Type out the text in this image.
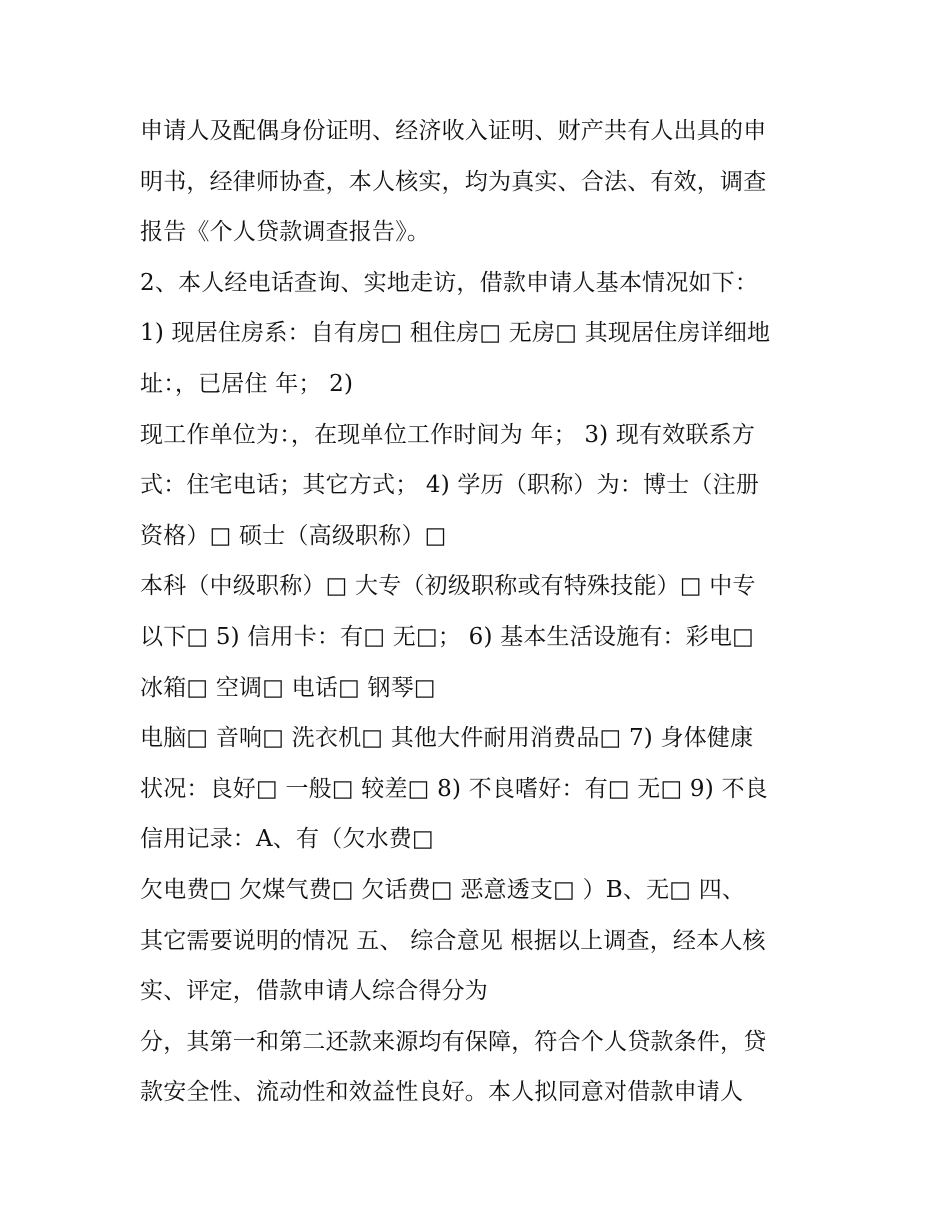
申请人及配偶身份证明、经济收入证明、财产共有人出具的申
明书，经律师协查，本人核实，均为真实、合法、有效，调查
报告《个人贷款调查报告》。
2、本人经电话查询、实地走访，借款申请人基本情况如下：
1) 现居住房系：自有房□ 租住房□ 无房□ 其现居住房详细地
址：，已居住 年； 2)
现工作单位为：，在现单位工作时间为 年； 3) 现有效联系方
式：住宅电话；其它方式； 4) 学历（职称）为：博士（注册
资格）□ 硕士（高级职称）□
本科（中级职称）□ 大专（初级职称或有特殊技能）□ 中专
以下□ 5) 信用卡：有□ 无□； 6) 基本生活设施有：彩电□
冰箱□ 空调□ 电话□ 钢琴□
电脑□ 音响□ 洗衣机□ 其他大件耐用消费品□ 7) 身体健康
状况：良好□ 一般□ 较差□ 8) 不良嗜好：有□ 无□ 9) 不良
信用记录：A、有（欠水费□
欠电费□ 欠煤气费□ 欠话费□ 恶意透支□ ）B、无□ 四、
其它需要说明的情况 五、 综合意见 根据以上调查，经本人核
实、评定，借款申请人综合得分为
分，其第一和第二还款来源均有保障，符合个人贷款条件，贷
款安全性、流动性和效益性良好。本人拟同意对借款申请人
